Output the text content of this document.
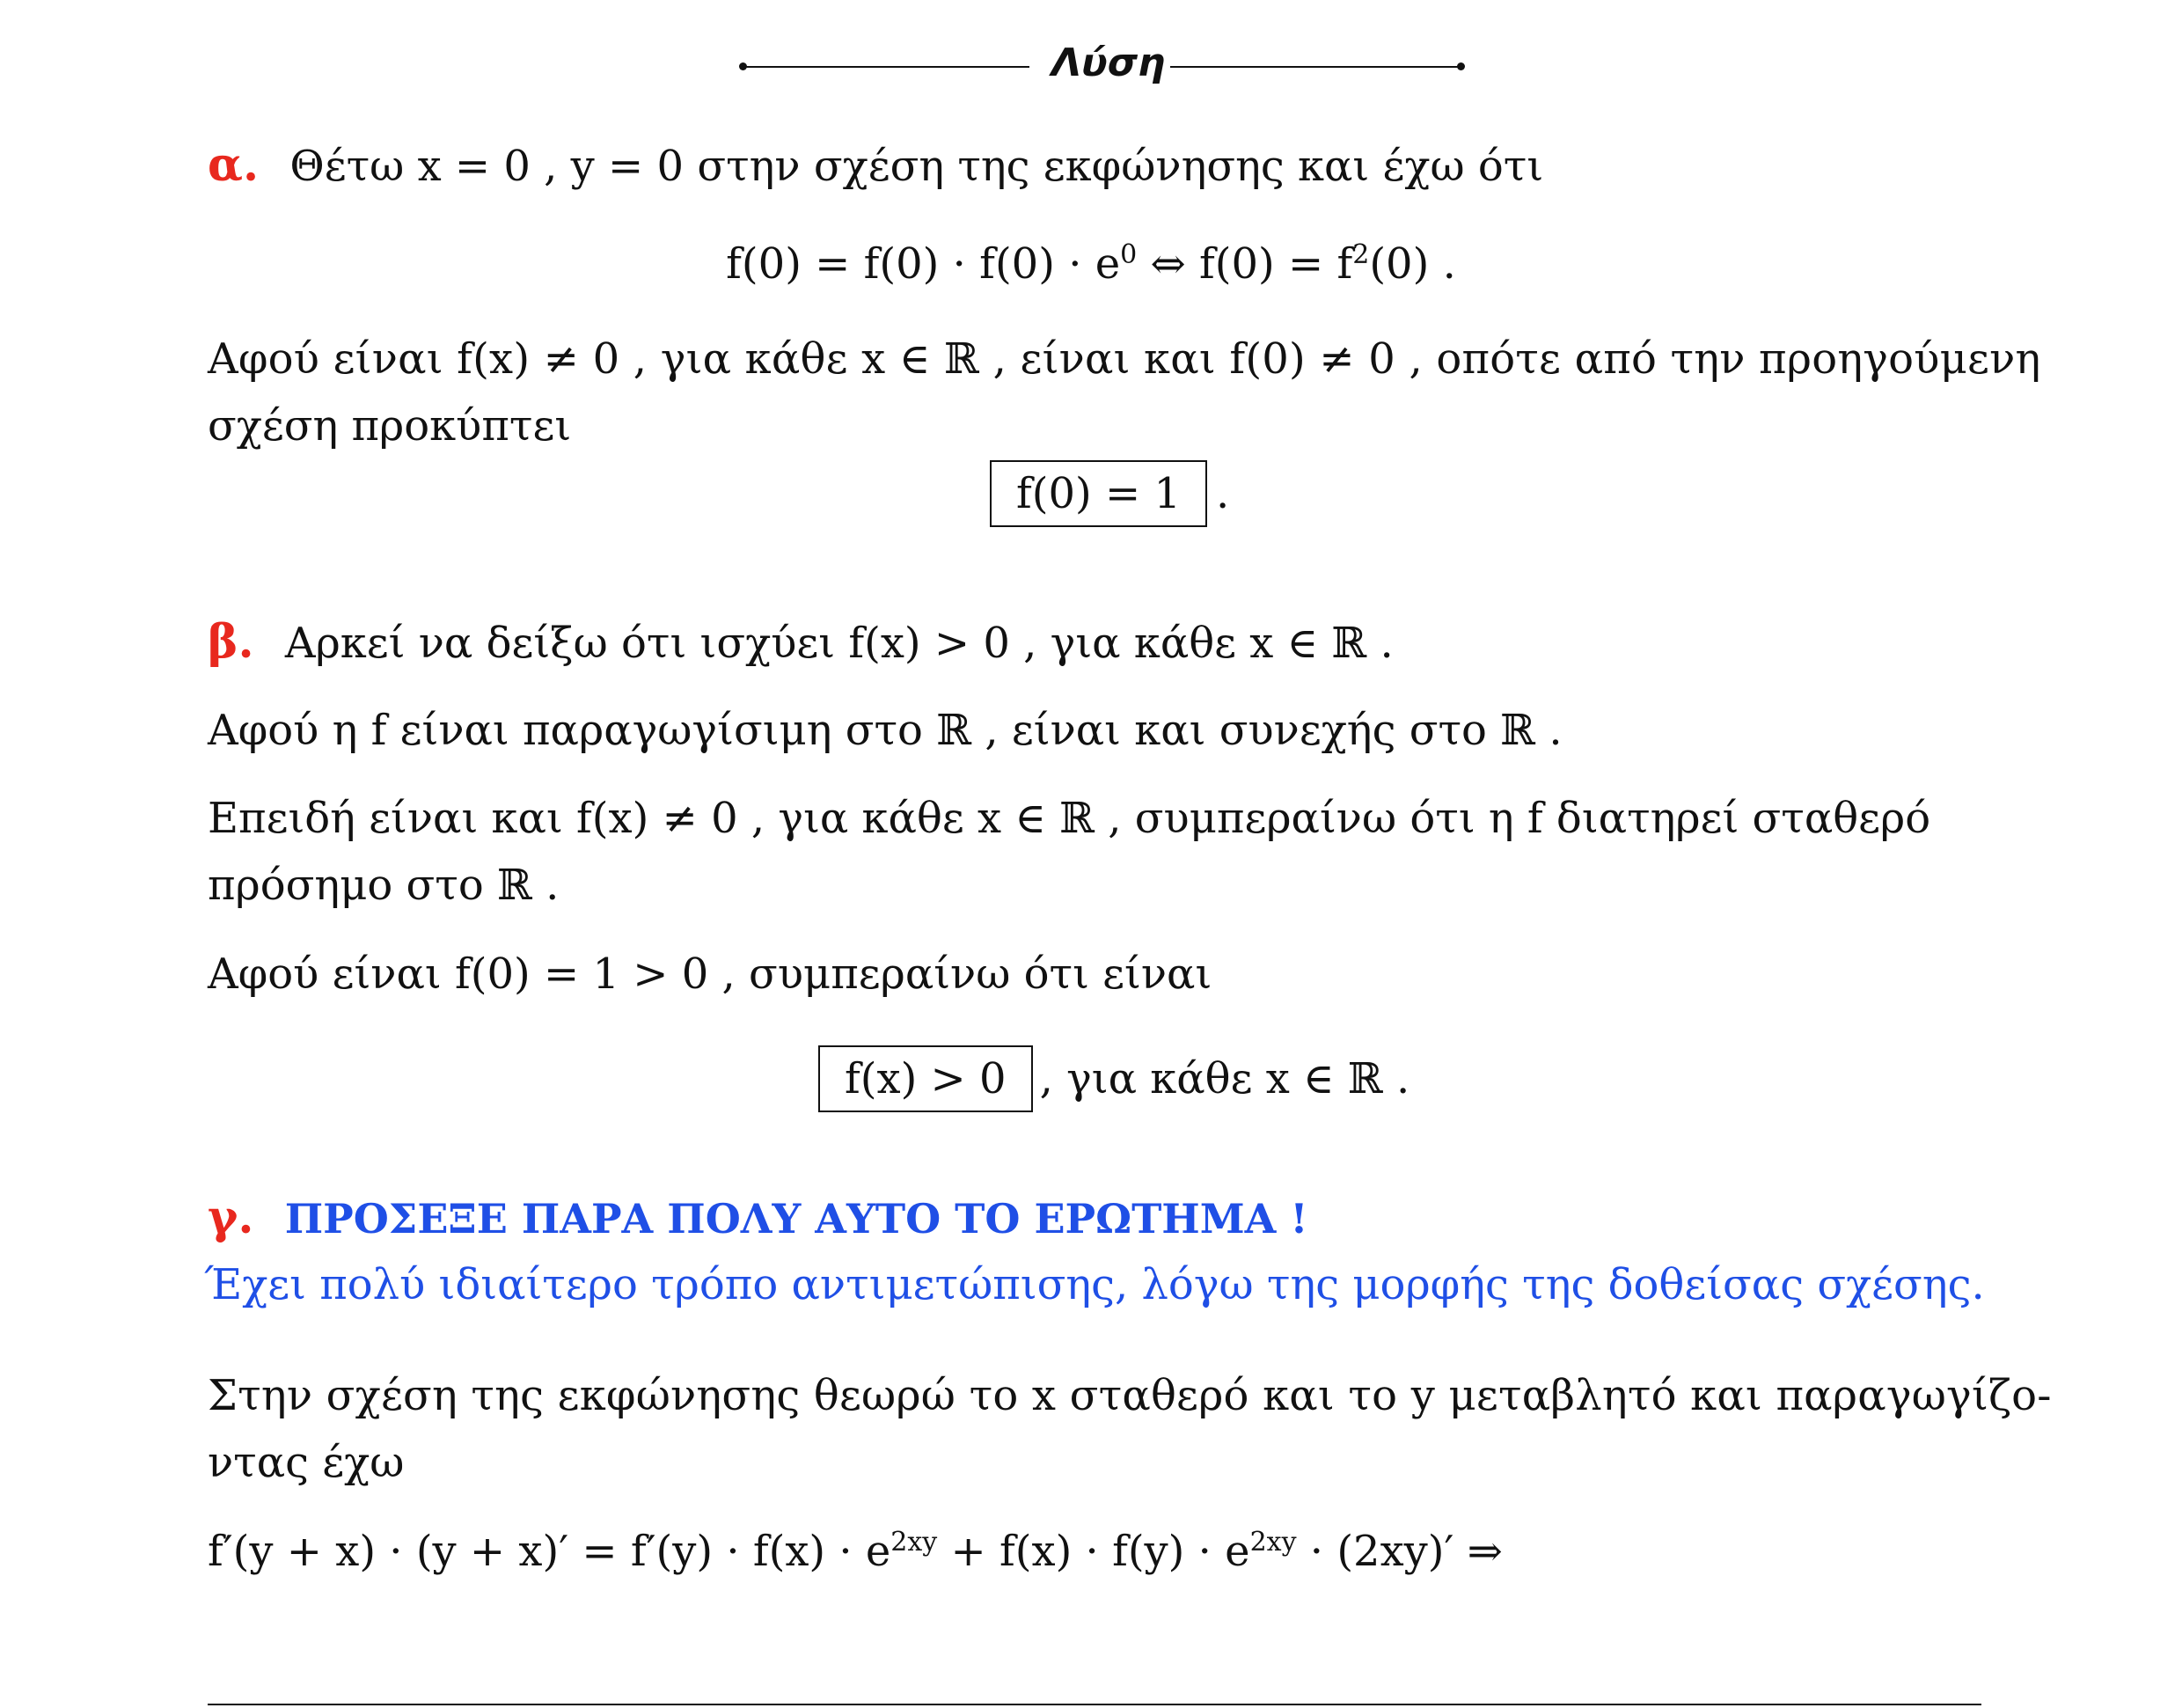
Λύση
α. Θέτω x = 0 , y = 0 στην σχέση της εκφώνησης και έχω ότι
$f(0) = f(0) \cdot f(0) \cdot e^0$ ⇔ $f(0) = f^2(0)$ .
Αφού είναι f(x) ≠ 0 , για κάθε x ∈ ℝ , είναι και f(0) ≠ 0 , οπότε από την προηγούμενη
σχέση προκύπτει
f(0) = 1 .
β. Αρκεί να δείξω ότι ισχύει f(x) > 0 , για κάθε x ∈ ℝ .
Αφού η f είναι παραγωγίσιμη στο ℝ , είναι και συνεχής στο ℝ .
Επειδή είναι και f(x) ≠ 0 , για κάθε x ∈ ℝ , συμπεραίνω ότι η f διατηρεί σταθερό
πρόσημο στο ℝ .
Αφού είναι f(0) = 1 > 0 , συμπεραίνω ότι είναι
f(x) > 0 , για κάθε x ∈ ℝ .
γ. ΠΡΟΣΕΞΕ ΠΑΡΑ ΠΟΛΥ ΑΥΤΟ ΤΟ ΕΡΩΤΗΜΑ !
Έχει πολύ ιδιαίτερο τρόπο αντιμετώπισης, λόγω της μορφής της δοθείσας σχέσης.
Στην σχέση της εκφώνησης θεωρώ το x σταθερό και το y μεταβλητό και παραγωγίζο-
ντας έχω
$f'(y + x) \cdot (y + x)' = f'(y) \cdot f(x) \cdot e^{2xy} + f(x) \cdot f(y) \cdot e^{2xy} \cdot (2xy)'$ ⇒
